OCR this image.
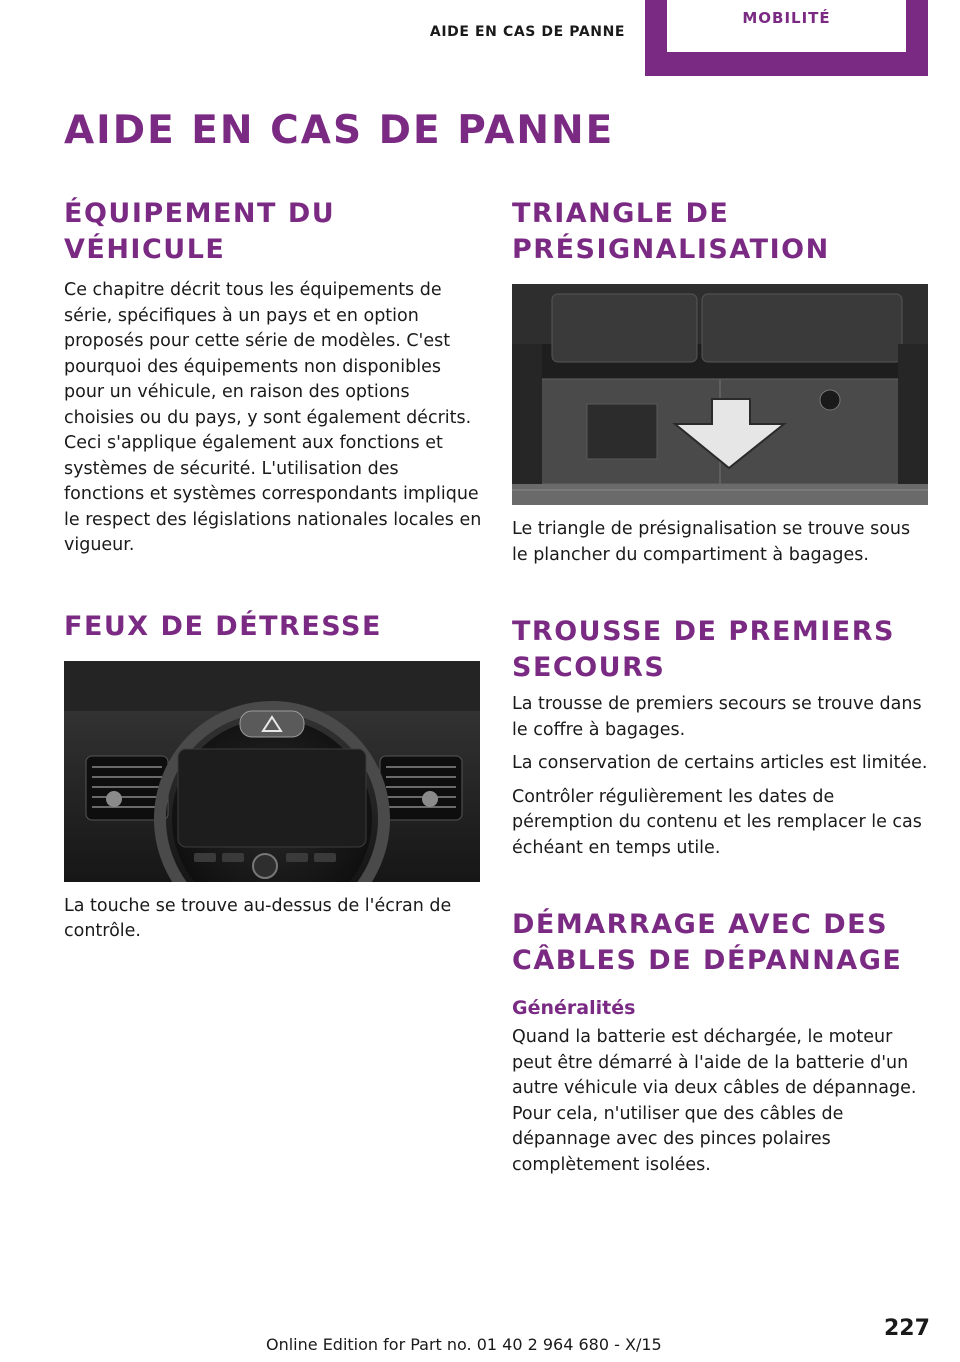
AIDE EN CAS DE PANNE
MOBILITÉ
AIDE EN CAS DE PANNE
ÉQUIPEMENT DU VÉHICULE

Ce chapitre décrit tous les équipements de série, spécifiques à un pays et en option proposés pour cette série de modèles. C'est pourquoi des équipements non disponibles pour un véhicule, en raison des options choisies ou du pays, y sont également décrits. Ceci s'applique également aux fonctions et systèmes de sécurité. L'utilisation des fonctions et systèmes correspondants implique le respect des législations nationales locales en vigueur.

FEUX DE DÉTRESSE

La touche se trouve au-dessus de l'écran de contrôle.

TRIANGLE DE PRÉSIGNALISATION

Le triangle de présignalisation se trouve sous le plancher du compartiment à bagages.

TROUSSE DE PREMIERS SECOURS

La trousse de premiers secours se trouve dans le coffre à bagages.

La conservation de certains articles est limitée.

Contrôler régulièrement les dates de péremption du contenu et les remplacer le cas échéant en temps utile.

DÉMARRAGE AVEC DES CÂBLES DE DÉPANNAGE
Généralités

Quand la batterie est déchargée, le moteur peut être démarré à l'aide de la batterie d'un autre véhicule via deux câbles de dépannage. Pour cela, n'utiliser que des câbles de dépannage avec des pinces polaires complètement isolées.

227
Online Edition for Part no. 01 40 2 964 680 - X/15
